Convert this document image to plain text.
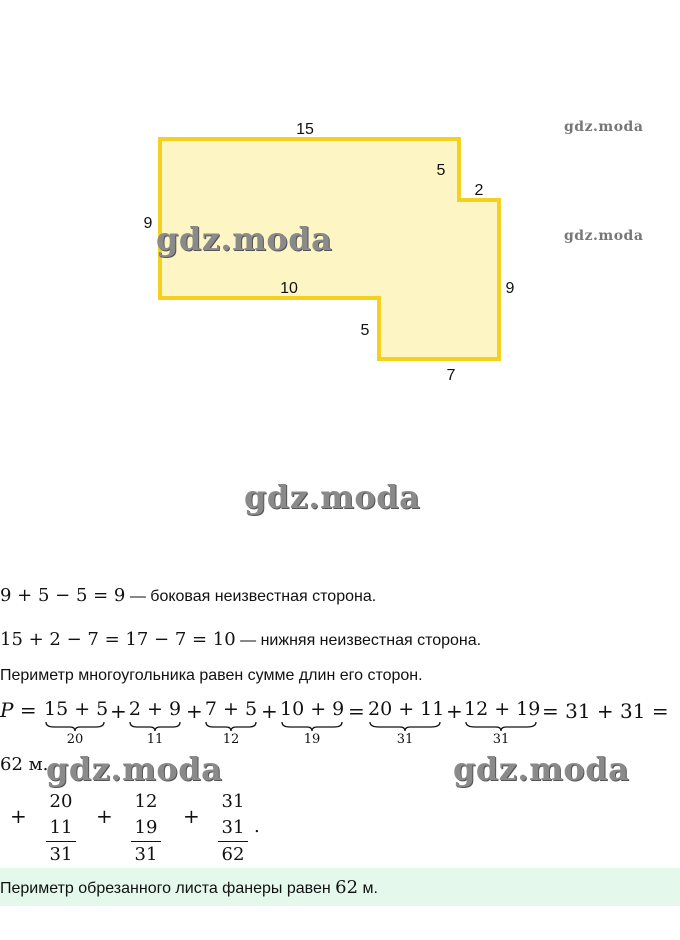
15
5
2
9
9
10
5
7
gdz.moda
gdz.moda
gdz.moda
gdz.moda
gdz.moda	gdz.moda
9 + 5 − 5 = 9 — боковая неизвестная сторона.
15 + 2 − 7 = 17 − 7 = 10 — нижняя неизвестная сторона.
Периметр многоугольника равен сумме длин его сторон.
P = 15 + 5
20
+ 2 + 9
11
+ 7 + 5
12
+ 10 + 9
19
= 20 + 11
31
+ 12 + 19
31
= 31 + 31 =
62 м.
+
20
11
31
+
12
19
31
+
31
31
62
.
Периметр обрезанного листа фанеры равен 62 м.
